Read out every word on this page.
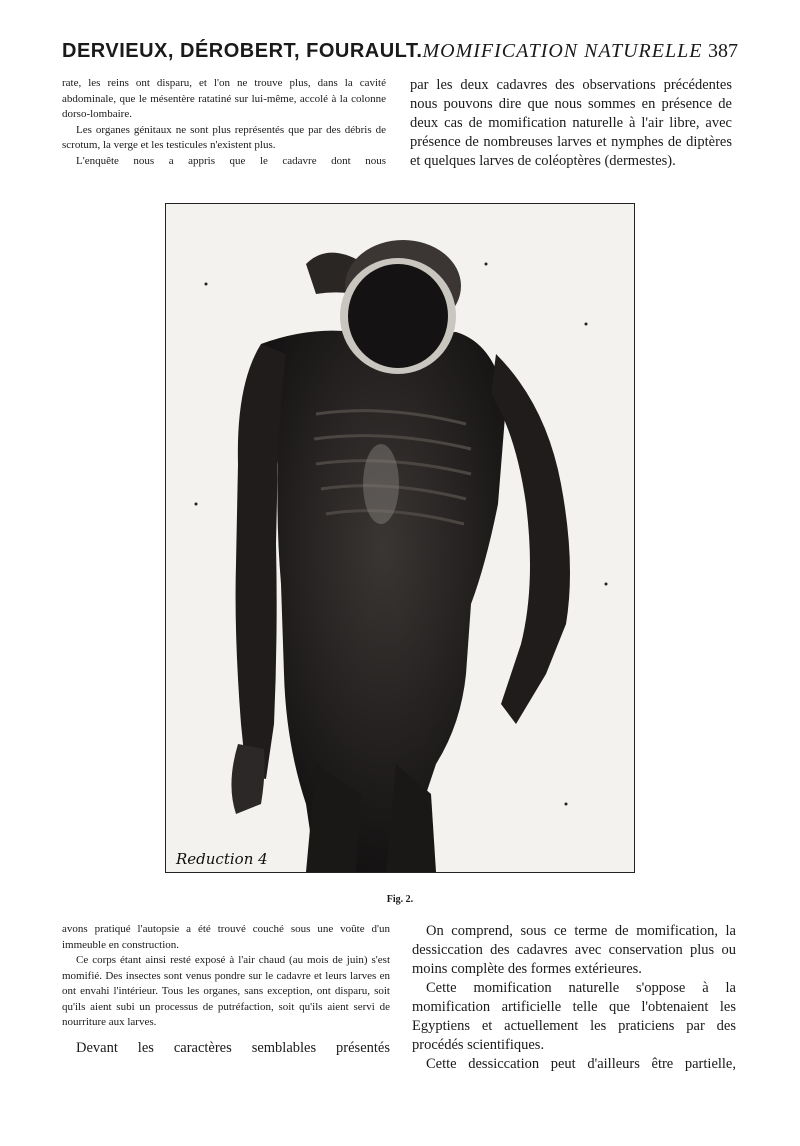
DERVIEUX, DÉROBERT, FOURAULT.MOMIFICATION NATURELLE 387

rate, les reins ont disparu, et l'on ne trouve plus, dans la cavité abdominale, que le mésentère ratatiné sur lui-même, accolé à la colonne dorso-lombaire.

Les organes génitaux ne sont plus représentés que par des débris de scrotum, la verge et les testicules n'existent plus.

L'enquête nous a appris que le cadavre dont nous

par les deux cadavres des observations précédentes nous pouvons dire que nous sommes en présence de deux cas de momification naturelle à l'air libre, avec présence de nombreuses larves et nymphes de diptères et quelques larves de coléoptères (dermestes).

Reduction 4
Fig. 2.

avons pratiqué l'autopsie a été trouvé couché sous une voûte d'un immeuble en construction.

Ce corps étant ainsi resté exposé à l'air chaud (au mois de juin) s'est momifié. Des insectes sont venus pondre sur le cadavre et leurs larves en ont envahi l'intérieur. Tous les organes, sans exception, ont disparu, soit qu'ils aient subi un processus de putréfaction, soit qu'ils aient servi de nourriture aux larves.

Devant les caractères semblables présentés

On comprend, sous ce terme de momification, la dessiccation des cadavres avec conservation plus ou moins complète des formes extérieures.

Cette momification naturelle s'oppose à la momification artificielle telle que l'obtenaient les Egyptiens et actuellement les praticiens par des procédés scientifiques.

Cette dessiccation peut d'ailleurs être partielle,
